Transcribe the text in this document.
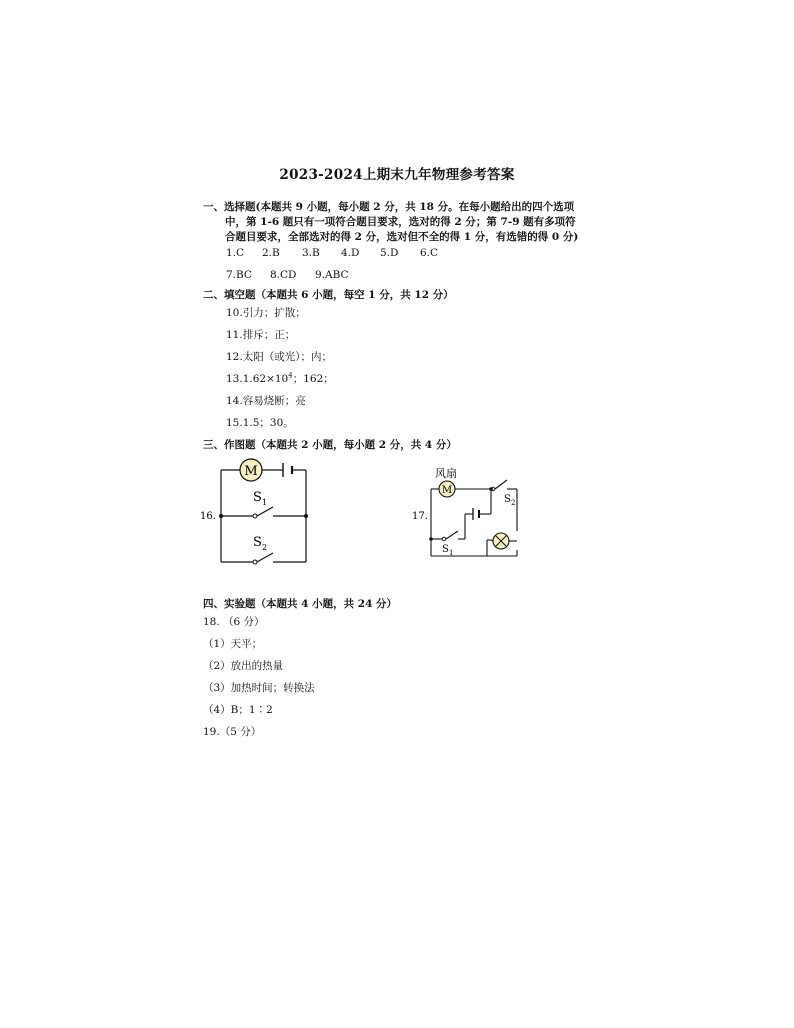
2023-2024上期末九年物理参考答案
一、选择题(本题共 9 小题，每小题 2 分，共 18 分。在每小题给出的四个选项
中，第 1-6 题只有一项符合题目要求，选对的得 2 分；第 7-9 题有多项符
合题目要求，全部选对的得 2 分，选对但不全的得 1 分，有选错的得 0 分)
1.C 2.B 3.B 4.D 5.D 6.C
7.BC 8.CD 9.ABC
二、填空题（本题共 6 小题，每空 1 分，共 12 分）
10.引力；扩散；
11.排斥；正；
12.太阳（或光）；内；
$13.1.62\times 10^4$；162；
14.容易烧断；亮
15.1.5；30。
三、作图题（本题共 2 小题，每小题 2 分，共 4 分）
16.
M
S 1
S 2
17.
风扇
M
S 2
S 1
四、实验题（本题共 4 小题，共 24 分）
18. （6 分）
（1）天平；
（2）放出的热量
（3）加热时间；转换法
（4）B；1∶2
19.（5 分）
